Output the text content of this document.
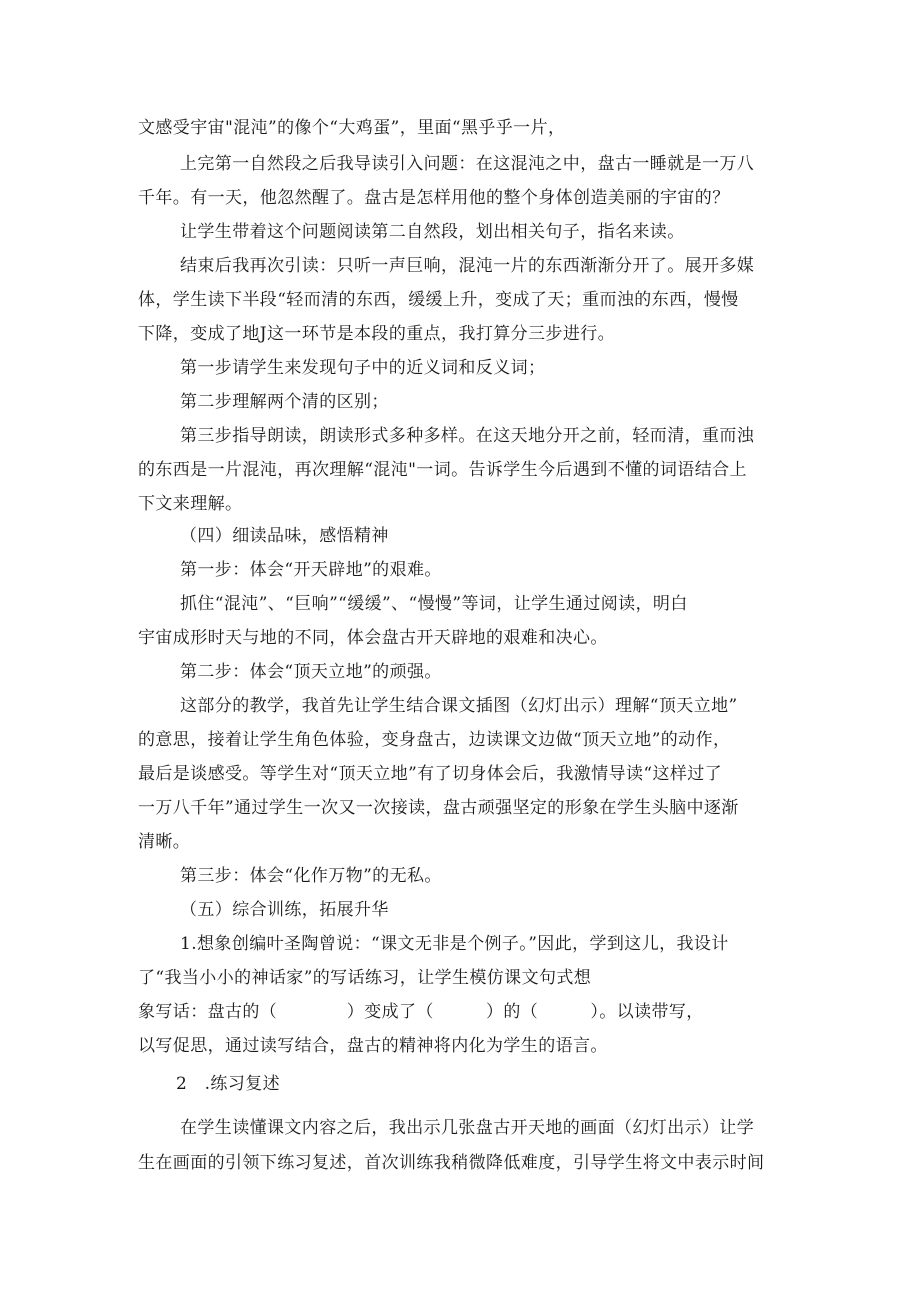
文感受宇宙"混沌”的像个“大鸡蛋”，里面“黑乎乎一片，

上完第一自然段之后我导读引入问题：在这混沌之中，盘古一睡就是一万八

千年。有一天，他忽然醒了。盘古是怎样用他的整个身体创造美丽的宇宙的？

让学生带着这个问题阅读第二自然段，划出相关句子，指名来读。

结束后我再次引读：只听一声巨响，混沌一片的东西渐渐分开了。展开多媒

体，学生读下半段“轻而清的东西，缓缓上升，变成了天；重而浊的东西，慢慢

下降，变成了地J这一环节是本段的重点，我打算分三步进行。

第一步请学生来发现句子中的近义词和反义词；

第二步理解两个清的区别；

第三步指导朗读，朗读形式多种多样。在这天地分开之前，轻而清，重而浊

的东西是一片混沌，再次理解“混沌"一词。告诉学生今后遇到不懂的词语结合上

下文来理解。

（四）细读品味，感悟精神

第一步：体会“开天辟地”的艰难。

抓住“混沌”、“巨响”“缓缓”、“慢慢”等词，让学生通过阅读，明白

宇宙成形时天与地的不同，体会盘古开天辟地的艰难和决心。

第二步：体会“顶天立地”的顽强。

这部分的教学，我首先让学生结合课文插图（幻灯出示）理解“顶天立地”

的意思，接着让学生角色体验，变身盘古，边读课文边做“顶天立地”的动作，

最后是谈感受。等学生对“顶天立地”有了切身体会后，我激情导读“这样过了

一万八千年”通过学生一次又一次接读，盘古顽强坚定的形象在学生头脑中逐渐

清晰。

第三步：体会“化作万物”的无私。

（五）综合训练，拓展升华

1.想象创编叶圣陶曾说：“课文无非是个例子。”因此，学到这儿，我设计

了“我当小小的神话家”的写话练习，让学生模仿课文句式想

象写话：盘古的（　　　　）变成了（　　　）的（　　　）。以读带写，

以写促思，通过读写结合，盘古的精神将内化为学生的语言。

2　.练习复述

在学生读懂课文内容之后，我出示几张盘古开天地的画面（幻灯出示）让学

生在画面的引领下练习复述，首次训练我稍微降低难度，引导学生将文中表示时间
